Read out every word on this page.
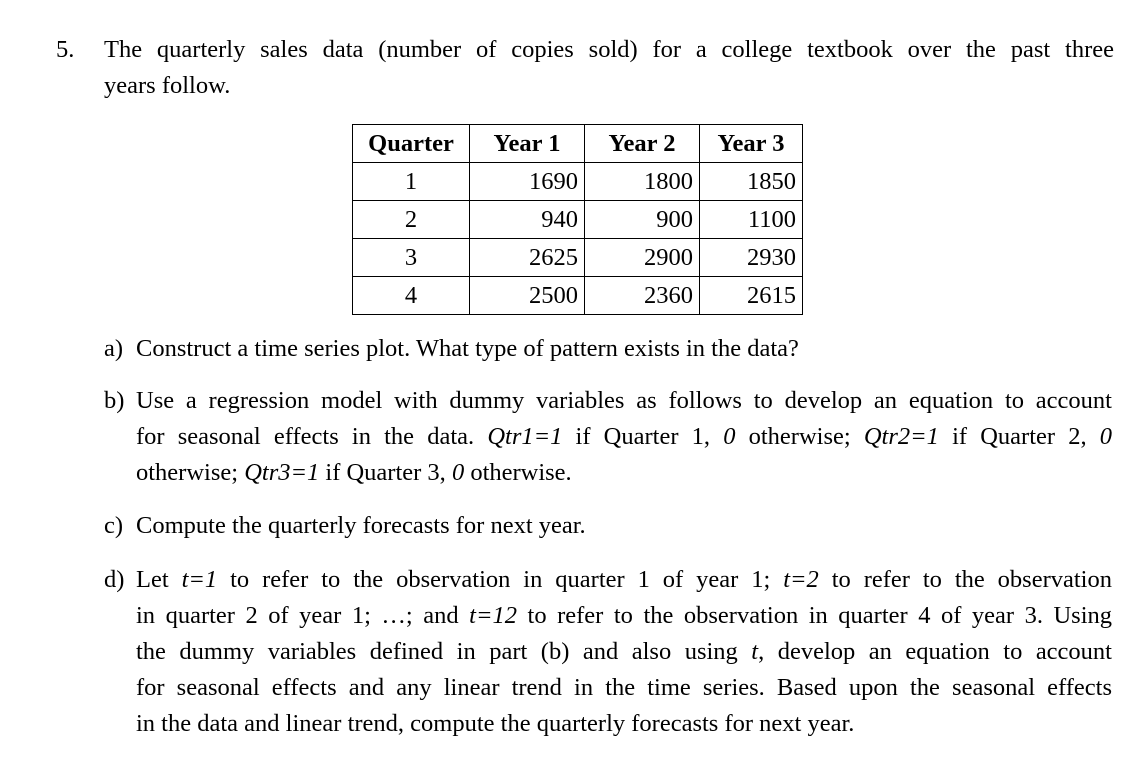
5. The quarterly sales data (number of copies sold) for a college textbook over the past three
years follow.
Quarter	Year 1	Year 2	Year 3
1	1690	1800	1850
2	940	900	1100
3	2625	2900	2930
4	2500	2360	2615
a) Construct a time series plot. What type of pattern exists in the data?
b) Use a regression model with dummy variables as follows to develop an equation to account
for seasonal effects in the data. Qtr1=1 if Quarter 1, 0 otherwise; Qtr2=1 if Quarter 2, 0
otherwise; Qtr3=1 if Quarter 3, 0 otherwise.
c) Compute the quarterly forecasts for next year.
d) Let t=1 to refer to the observation in quarter 1 of year 1; t=2 to refer to the observation
in quarter 2 of year 1; …; and t=12 to refer to the observation in quarter 4 of year 3. Using
the dummy variables defined in part (b) and also using t, develop an equation to account
for seasonal effects and any linear trend in the time series. Based upon the seasonal effects
in the data and linear trend, compute the quarterly forecasts for next year.
